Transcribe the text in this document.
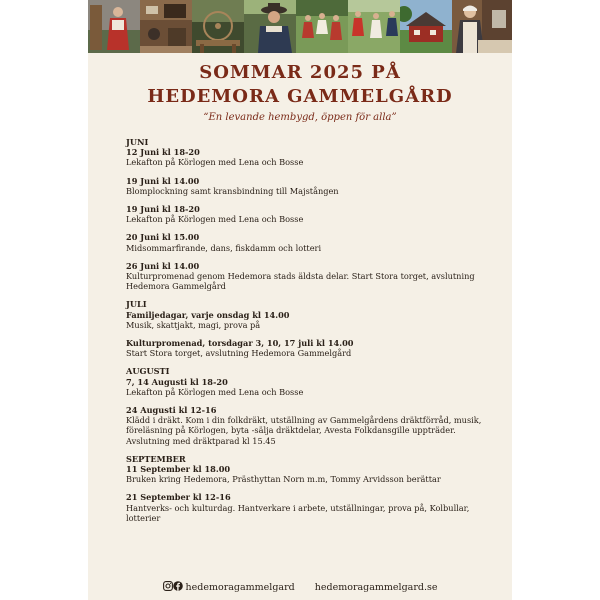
SOMMAR 2025 PÅ
HEDEMORA GAMMELGÅRD
“En levande hembygd, öppen för alla”
JUNI
12 Juni kl 18-20
Lekafton på Körlogen med Lena och Bosse
19 Juni kl 14.00
Blomplockning samt kransbindning till Majstången
19 Juni kl 18-20
Lekafton på Körlogen med Lena och Bosse
20 Juni kl 15.00
Midsommarfirande, dans, fiskdamm och lotteri
26 Juni kl 14.00
Kulturpromenad genom Hedemora stads äldsta delar. Start Stora torget, avslutning Hedemora Gammelgård
JULI
Familjedagar, varje onsdag kl 14.00
Musik, skattjakt, magi, prova på
Kulturpromenad, torsdagar 3, 10, 17 juli kl 14.00
Start Stora torget, avslutning Hedemora Gammelgård
AUGUSTI
7, 14 Augusti kl 18-20
Lekafton på Körlogen med Lena och Bosse
24 Augusti kl 12-16
Klädd i dräkt. Kom i din folkdräkt, utställning av Gammelgårdens dräktförråd, musik, föreläsning på Körlogen, byta -sälja dräktdelar, Avesta Folkdansgille uppträder. Avslutning med dräktparad kl 15.45
SEPTEMBER
11 September kl 18.00
Bruken kring Hedemora, Prästhyttan Norn m.m, Tommy Arvidsson berättar
21 September kl 12-16
Hantverks- och kulturdag. Hantverkare i arbete, utställningar, prova på, Kolbullar, lotterier
hedemoragammelgard hedemoragammelgard.se
